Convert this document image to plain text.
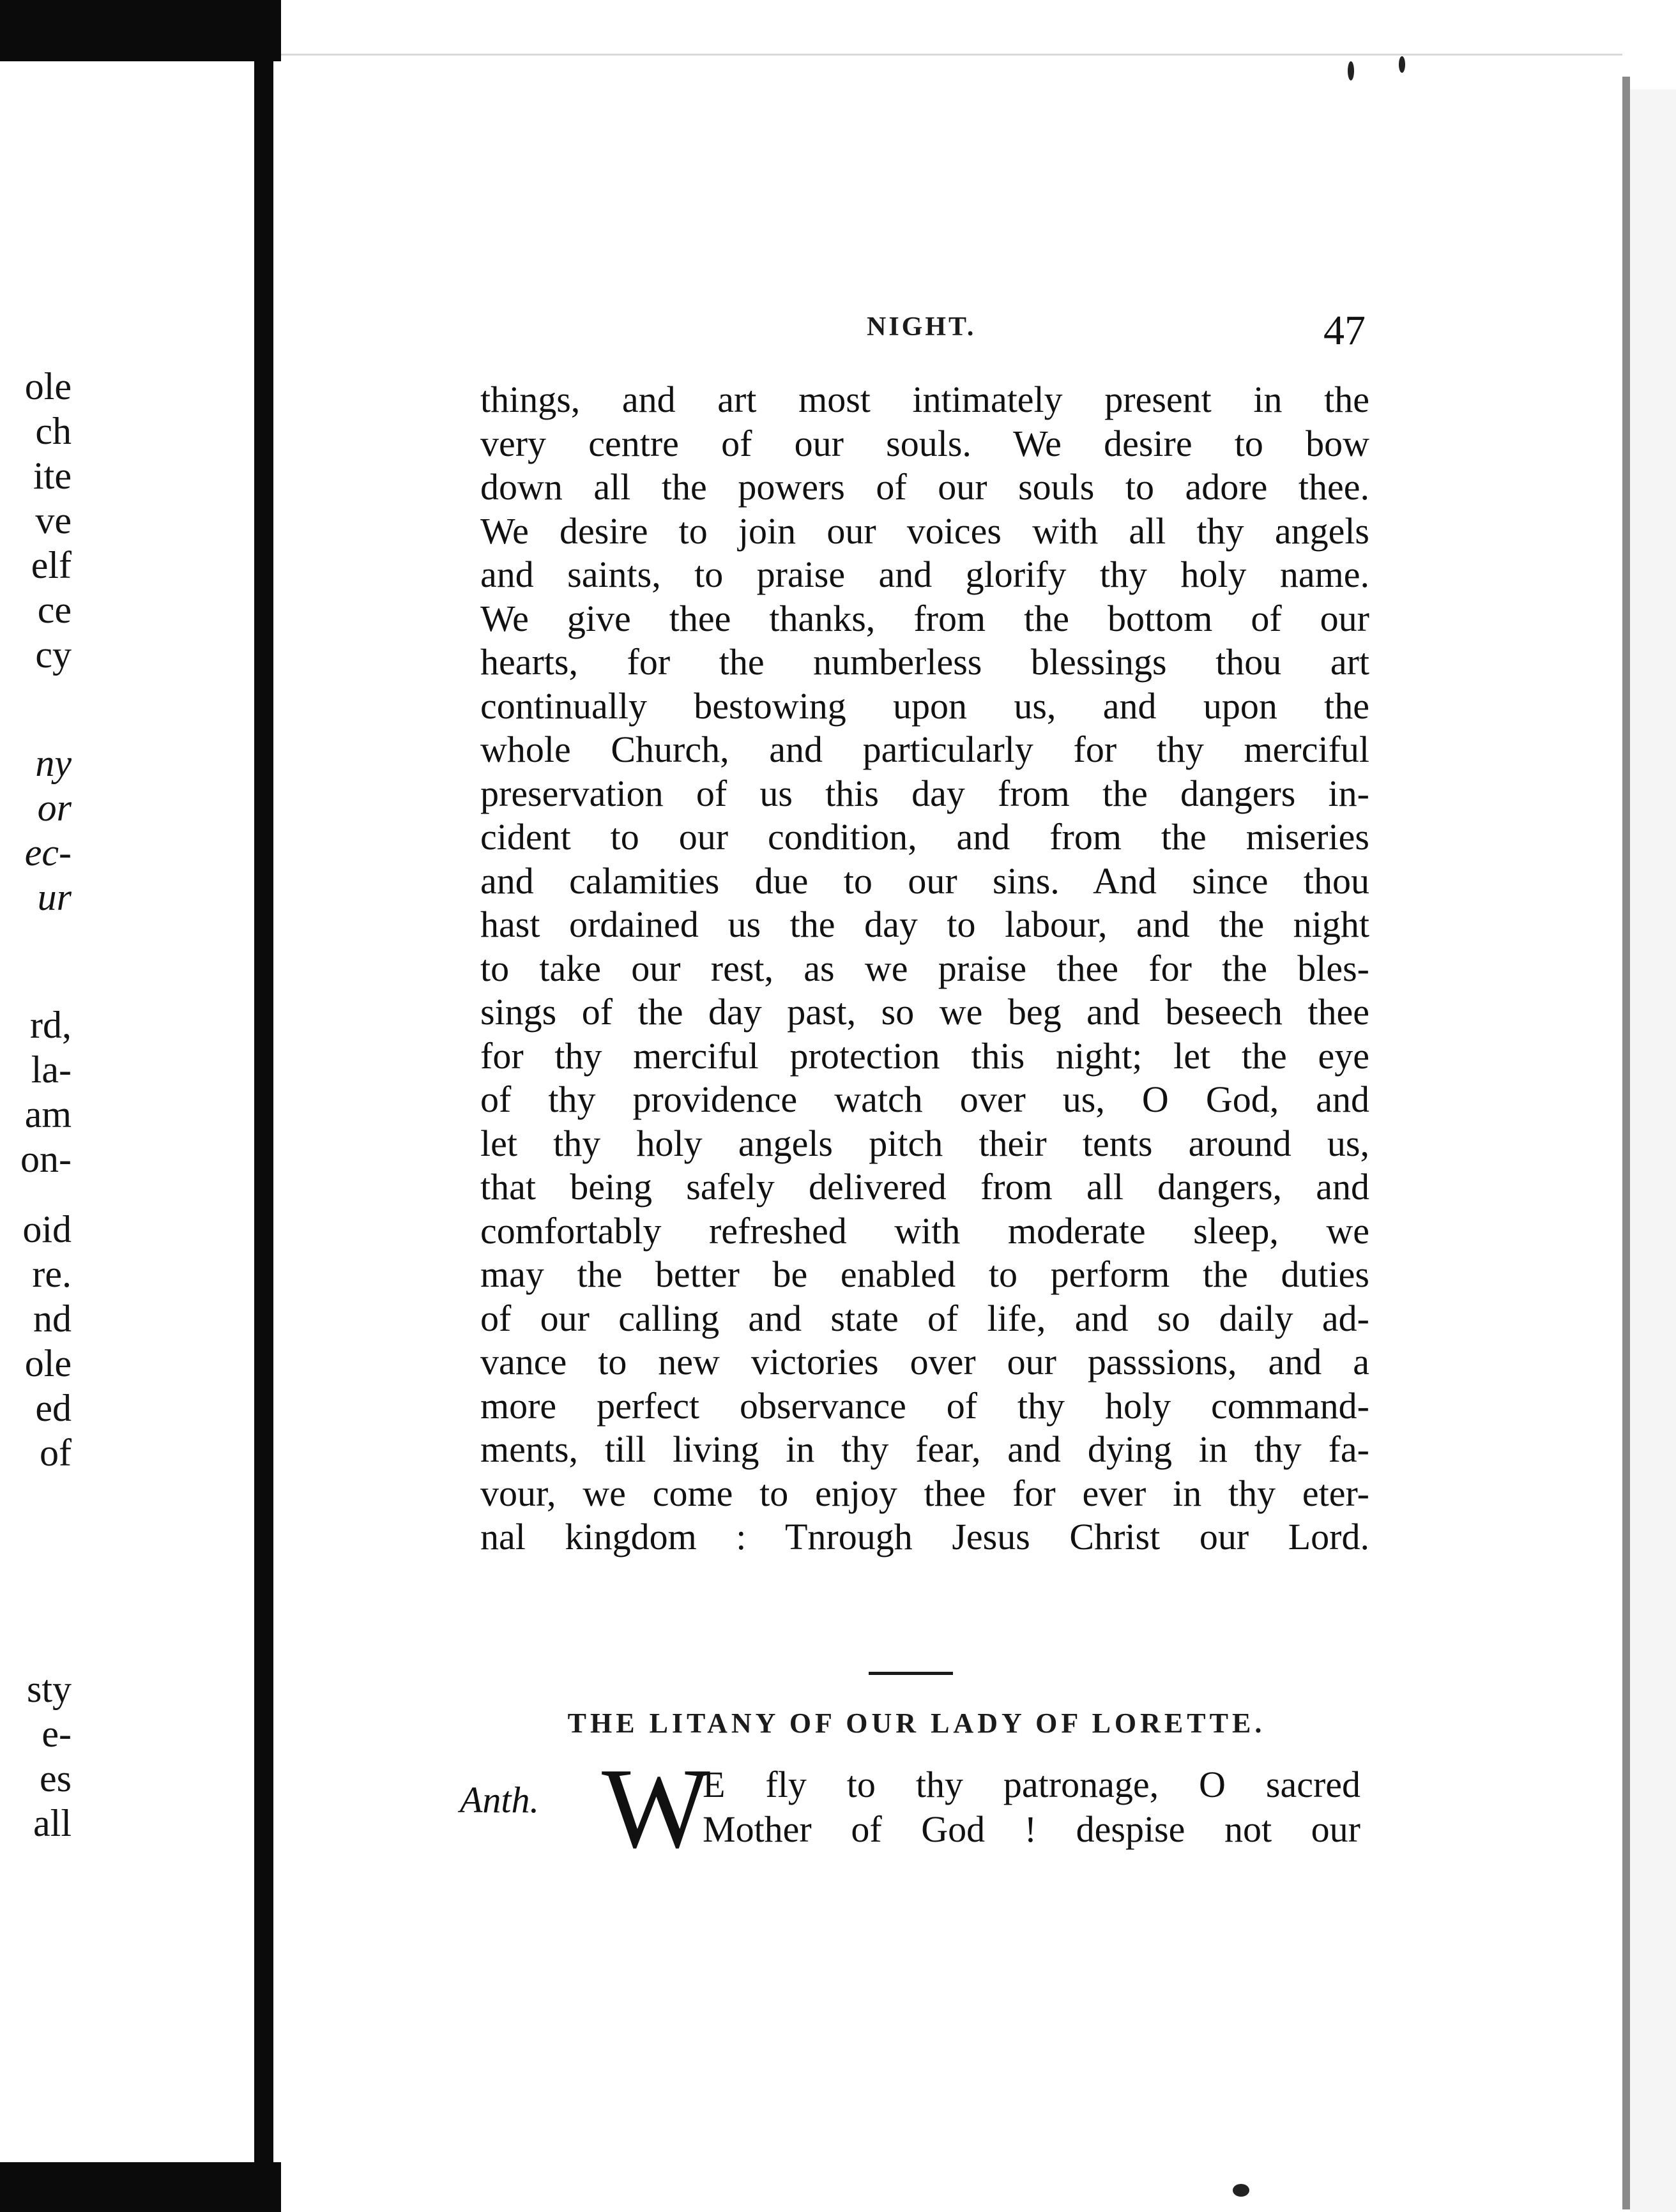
ole
ch
ite
ve
elf
ce
cy
ny
or
ec-
ur
rd,
la-
am
on-
oid
re.
nd
ole
ed
of
sty
e-
es
all
NIGHT.	47
things, and art most intimately present in the
very centre of our souls. We desire to bow
down all the powers of our souls to adore thee.
We desire to join our voices with all thy angels
and saints, to praise and glorify thy holy name.
We give thee thanks, from the bottom of our
hearts, for the numberless blessings thou art
continually bestowing upon us, and upon the
whole Church, and particularly for thy merciful
preservation of us this day from the dangers in-
cident to our condition, and from the miseries
and calamities due to our sins. And since thou
hast ordained us the day to labour, and the night
to take our rest, as we praise thee for the bles-
sings of the day past, so we beg and beseech thee
for thy merciful protection this night; let the eye
of thy providence watch over us, O God, and
let thy holy angels pitch their tents around us,
that being safely delivered from all dangers, and
comfortably refreshed with moderate sleep, we
may the better be enabled to perform the duties
of our calling and state of life, and so daily ad-
vance to new victories over our passsions, and a
more perfect observance of thy holy command-
ments, till living in thy fear, and dying in thy fa-
vour, we come to enjoy thee for ever in thy eter-
nal kingdom : Tnrough Jesus Christ our Lord.
THE LITANY OF OUR LADY OF LORETTE.
Anth. W
E fly to thy patronage, O sacred
Mother of God ! despise not our
